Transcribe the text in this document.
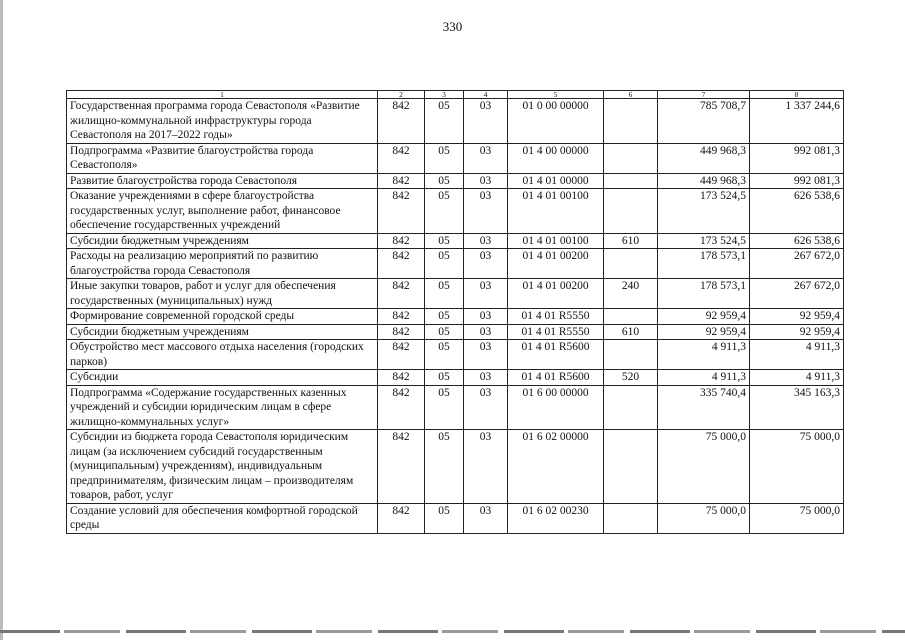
330
1	2	3	4	5	6	7	8
Государственная программа города Севастополя «Развитие жилищно-коммунальной инфраструктуры города Севастополя на 2017–2022 годы»	842	05	03	01 0 00 00000		785 708,7	1 337 244,6
Подпрограмма «Развитие благоустройства города Севастополя»	842	05	03	01 4 00 00000		449 968,3	992 081,3
Развитие благоустройства города Севастополя	842	05	03	01 4 01 00000		449 968,3	992 081,3
Оказание учреждениями в сфере благоустройства государственных услуг, выполнение работ, финансовое обеспечение государственных учреждений	842	05	03	01 4 01 00100		173 524,5	626 538,6
Субсидии бюджетным учреждениям	842	05	03	01 4 01 00100	610	173 524,5	626 538,6
Расходы на реализацию мероприятий по развитию благоустройства города Севастополя	842	05	03	01 4 01 00200		178 573,1	267 672,0
Иные закупки товаров, работ и услуг для обеспечения государственных (муниципальных) нужд	842	05	03	01 4 01 00200	240	178 573,1	267 672,0
Формирование современной городской среды	842	05	03	01 4 01 R5550		92 959,4	92 959,4
Субсидии бюджетным учреждениям	842	05	03	01 4 01 R5550	610	92 959,4	92 959,4
Обустройство мест массового отдыха населения (городских парков)	842	05	03	01 4 01 R5600		4 911,3	4 911,3
Субсидии	842	05	03	01 4 01 R5600	520	4 911,3	4 911,3
Подпрограмма «Содержание государственных казенных учреждений и субсидии юридическим лицам в сфере жилищно-коммунальных услуг»	842	05	03	01 6 00 00000		335 740,4	345 163,3
Субсидии из бюджета города Севастополя юридическим лицам (за исключением субсидий государственным (муниципальным) учреждениям), индивидуальным предпринимателям, физическим лицам – производителям товаров, работ, услуг	842	05	03	01 6 02 00000		75 000,0	75 000,0
Создание условий для обеспечения комфортной городской среды	842	05	03	01 6 02 00230		75 000,0	75 000,0
